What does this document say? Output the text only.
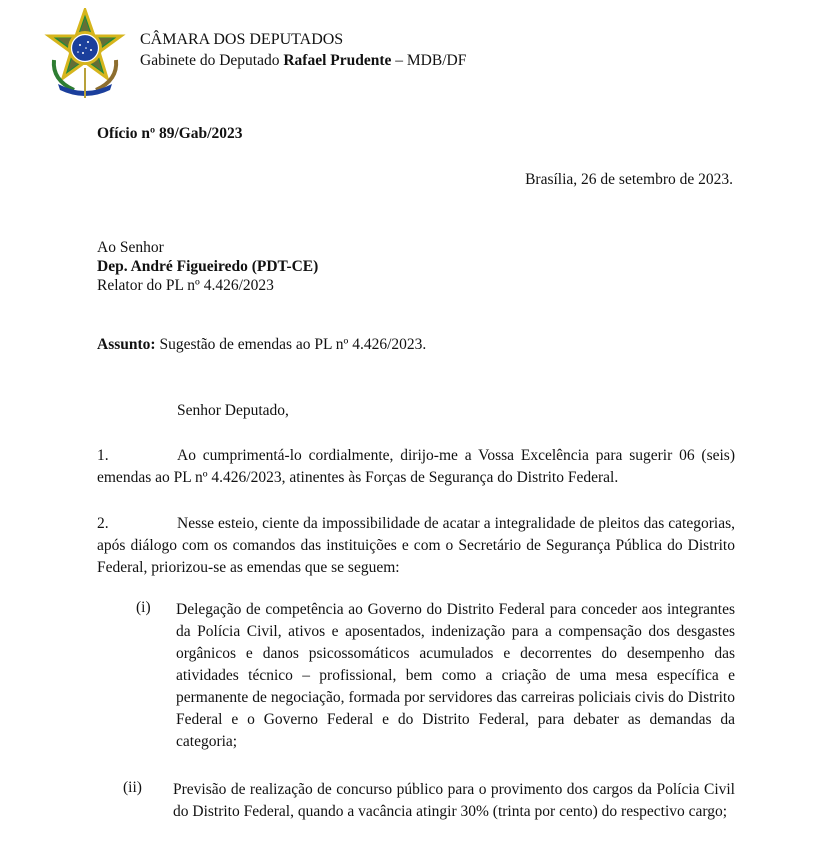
CÂMARA DOS DEPUTADOS
Gabinete do Deputado Rafael Prudente – MDB/DF
Ofício nº 89/Gab/2023
Brasília, 26 de setembro de 2023.
Ao Senhor
Dep. André Figueiredo (PDT-CE)
Relator do PL nº 4.426/2023
Assunto: Sugestão de emendas ao PL nº 4.426/2023.
Senhor Deputado,
1.	Ao cumprimentá-lo cordialmente, dirijo-me a Vossa Excelência para sugerir 06 (seis) emendas ao PL nº 4.426/2023, atinentes às Forças de Segurança do Distrito Federal.
2.	Nesse esteio, ciente da impossibilidade de acatar a integralidade de pleitos das categorias, após diálogo com os comandos das instituições e com o Secretário de Segurança Pública do Distrito Federal, priorizou-se as emendas que se seguem:
(i) Delegação de competência ao Governo do Distrito Federal para conceder aos integrantes da Polícia Civil, ativos e aposentados, indenização para a compensação dos desgastes orgânicos e danos psicossomáticos acumulados e decorrentes do desempenho das atividades técnico – profissional, bem como a criação de uma mesa específica e permanente de negociação, formada por servidores das carreiras policiais civis do Distrito Federal e o Governo Federal e do Distrito Federal, para debater as demandas da categoria;
(ii) Previsão de realização de concurso público para o provimento dos cargos da Polícia Civil do Distrito Federal, quando a vacância atingir 30% (trinta por cento) do respectivo cargo;
